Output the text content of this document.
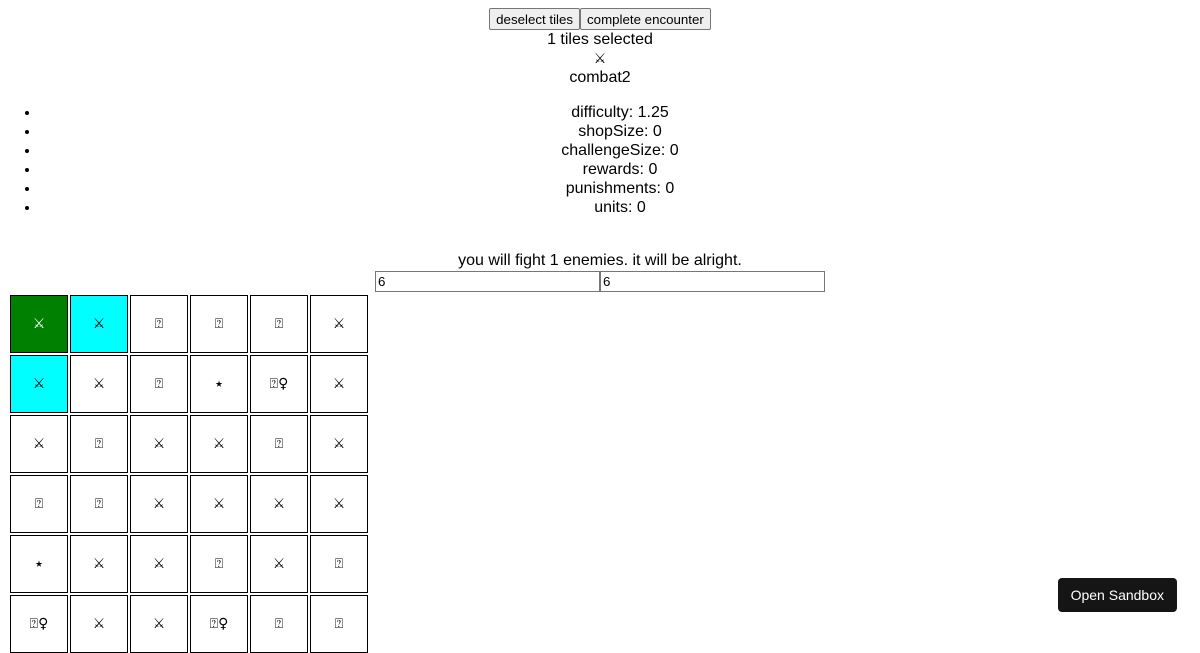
deselect tiles	complete encounter
1 tiles selected
⚔
combat2
• difficulty: 1.25
• shopSize: 0
• challengeSize: 0
• rewards: 0
• punishments: 0
• units: 0
you will fight 1 enemies. it will be alright.
6
6
⚔	⚔	⍰	⍰	⍰	⚔
⚔	⚔	⍰	⭑	⍰♀	⚔
⚔	⍰	⚔	⚔	⍰	⚔
⍰	⍰	⚔	⚔	⚔	⚔
⭑	⚔	⚔	⍰	⚔	⍰
⍰♀	⚔	⚔	⍰♀	⍰	⍰
Open Sandbox
